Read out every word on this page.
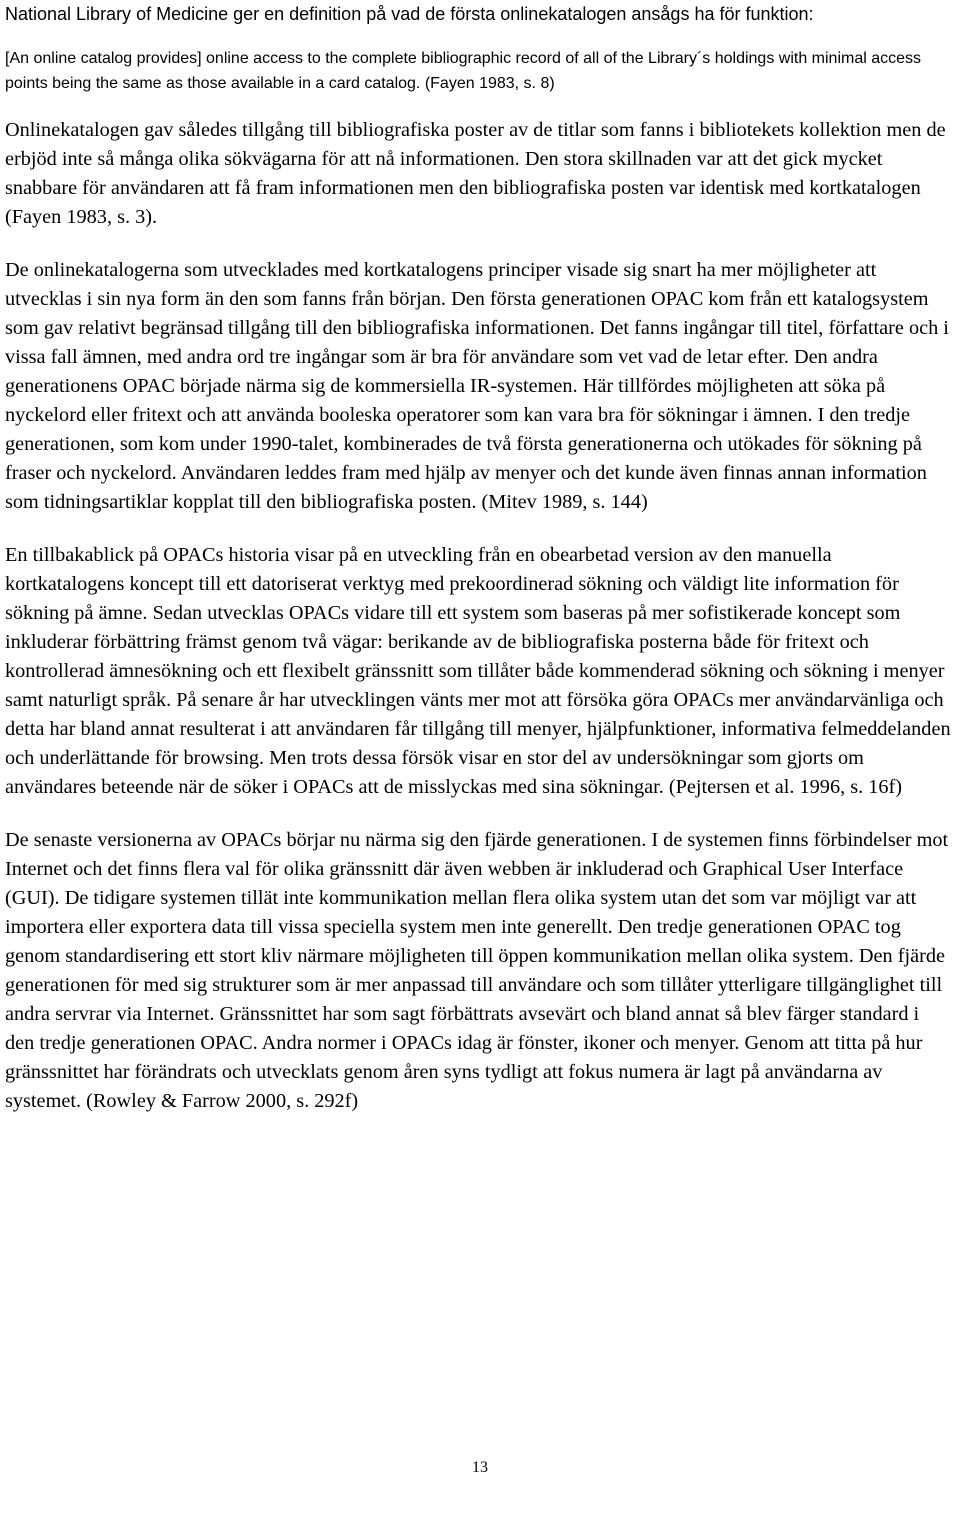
National Library of Medicine ger en definition på vad de första onlinekatalogen ansågs ha för funktion:

[An online catalog provides] online access to the complete bibliographic record of all of the Library´s holdings with minimal access points being the same as those available in a card catalog. (Fayen 1983, s. 8)

Onlinekatalogen gav således tillgång till bibliografiska poster av de titlar som fanns i bibliotekets kollektion men de erbjöd inte så många olika sökvägarna för att nå informationen. Den stora skillnaden var att det gick mycket snabbare för användaren att få fram informationen men den bibliografiska posten var identisk med kortkatalogen (Fayen 1983, s. 3).

De onlinekatalogerna som utvecklades med kortkatalogens principer visade sig snart ha mer möjligheter att utvecklas i sin nya form än den som fanns från början. Den första generationen OPAC kom från ett katalogsystem som gav relativt begränsad tillgång till den bibliografiska informationen. Det fanns ingångar till titel, författare och i vissa fall ämnen, med andra ord tre ingångar som är bra för användare som vet vad de letar efter. Den andra generationens OPAC började närma sig de kommersiella IR-systemen. Här tillfördes möjligheten att söka på nyckelord eller fritext och att använda booleska operatorer som kan vara bra för sökningar i ämnen. I den tredje generationen, som kom under 1990-talet, kombinerades de två första generationerna och utökades för sökning på fraser och nyckelord. Användaren leddes fram med hjälp av menyer och det kunde även finnas annan information som tidningsartiklar kopplat till den bibliografiska posten. (Mitev 1989, s. 144)

En tillbakablick på OPACs historia visar på en utveckling från en obearbetad version av den manuella kortkatalogens koncept till ett datoriserat verktyg med prekoordinerad sökning och väldigt lite information för sökning på ämne. Sedan utvecklas OPACs vidare till ett system som baseras på mer sofistikerade koncept som inkluderar förbättring främst genom två vägar: berikande av de bibliografiska posterna både för fritext och kontrollerad ämnesökning och ett flexibelt gränssnitt som tillåter både kommenderad sökning och sökning i menyer samt naturligt språk. På senare år har utvecklingen vänts mer mot att försöka göra OPACs mer användarvänliga och detta har bland annat resulterat i att användaren får tillgång till menyer, hjälpfunktioner, informativa felmeddelanden och underlättande för browsing. Men trots dessa försök visar en stor del av undersökningar som gjorts om användares beteende när de söker i OPACs att de misslyckas med sina sökningar. (Pejtersen et al. 1996, s. 16f)

De senaste versionerna av OPACs börjar nu närma sig den fjärde generationen. I de systemen finns förbindelser mot Internet och det finns flera val för olika gränssnitt där även webben är inkluderad och Graphical User Interface (GUI). De tidigare systemen tillät inte kommunikation mellan flera olika system utan det som var möjligt var att importera eller exportera data till vissa speciella system men inte generellt. Den tredje generationen OPAC tog genom standardisering ett stort kliv närmare möjligheten till öppen kommunikation mellan olika system. Den fjärde generationen för med sig strukturer som är mer anpassad till användare och som tillåter ytterligare tillgänglighet till andra servrar via Internet. Gränssnittet har som sagt förbättrats avsevärt och bland annat så blev färger standard i den tredje generationen OPAC. Andra normer i OPACs idag är fönster, ikoner och menyer. Genom att titta på hur gränssnittet har förändrats och utvecklats genom åren syns tydligt att fokus numera är lagt på användarna av systemet. (Rowley & Farrow 2000, s. 292f)

13
